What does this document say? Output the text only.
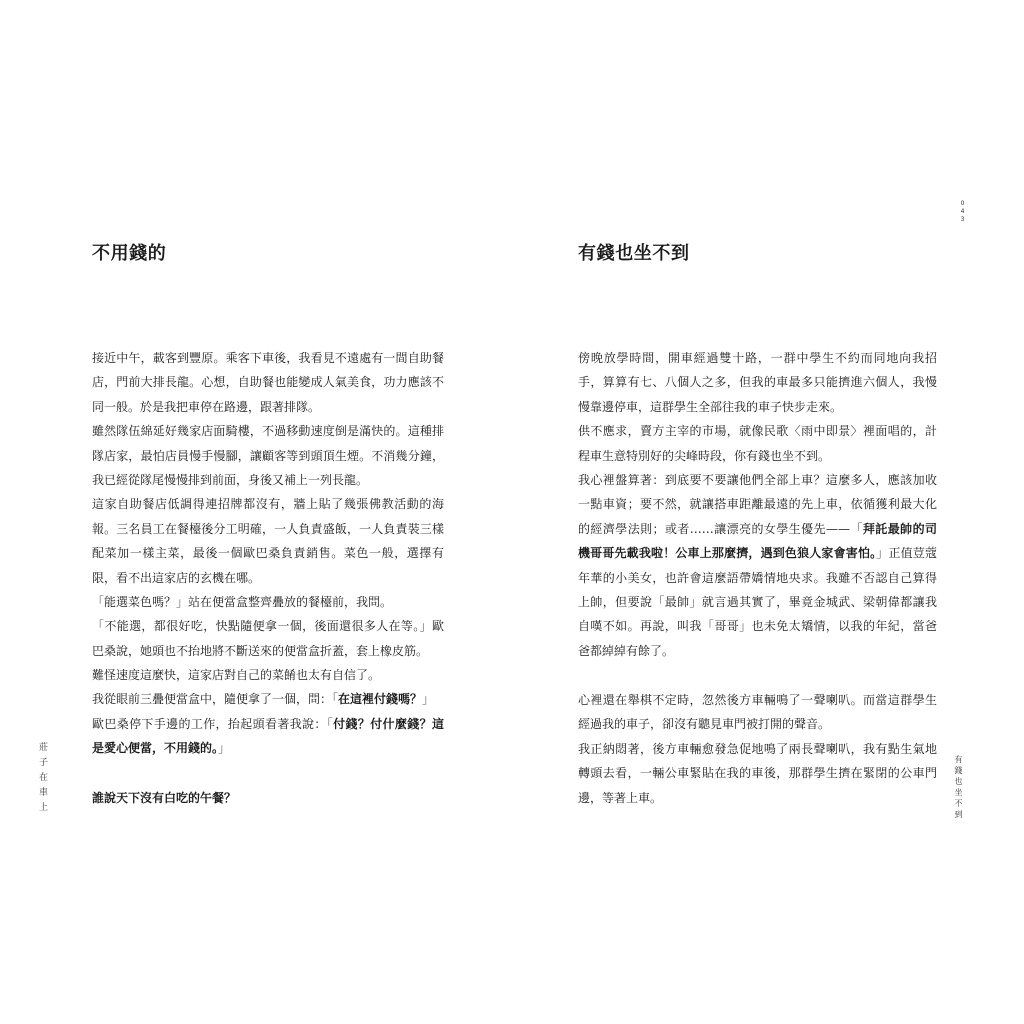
043
不用錢的	有錢也坐不到
接近中午，載客到豐原。乘客下車後，我看見不遠處有一間自助餐
店，門前大排長龍。心想，自助餐也能變成人氣美食，功力應該不
同一般。於是我把車停在路邊，跟著排隊。
雖然隊伍綿延好幾家店面騎樓，不過移動速度倒是滿快的。這種排
隊店家，最怕店員慢手慢腳，讓顧客等到頭頂生煙。不消幾分鐘，
我已經從隊尾慢慢排到前面，身後又補上一列長龍。
這家自助餐店低調得連招牌都沒有，牆上貼了幾張佛教活動的海
報。三名員工在餐檯後分工明確，一人負責盛飯，一人負責裝三樣
配菜加一樣主菜，最後一個歐巴桑負責銷售。菜色一般，選擇有
限，看不出這家店的玄機在哪。
「能選菜色嗎？」站在便當盒整齊疊放的餐檯前，我問。
「不能選，都很好吃，快點隨便拿一個，後面還很多人在等。」歐
巴桑說，她頭也不抬地將不斷送來的便當盒折蓋，套上橡皮筋。
難怪速度這麼快，這家店對自己的菜餚也太有自信了。
我從眼前三疊便當盒中，隨便拿了一個，問：「在這裡付錢嗎？」
歐巴桑停下手邊的工作，抬起頭看著我說：「付錢？付什麼錢？這
是愛心便當，不用錢的。」
誰說天下沒有白吃的午餐？
傍晚放學時間，開車經過雙十路，一群中學生不約而同地向我招
手，算算有七、八個人之多，但我的車最多只能擠進六個人，我慢
慢靠邊停車，這群學生全部往我的車子快步走來。
供不應求，賣方主宰的市場，就像民歌〈雨中即景〉裡面唱的，計
程車生意特別好的尖峰時段，你有錢也坐不到。
我心裡盤算著：到底要不要讓他們全部上車？這麼多人，應該加收
一點車資；要不然，就讓搭車距離最遠的先上車，依循獲利最大化
的經濟學法則；或者……讓漂亮的女學生優先——「拜託最帥的司
機哥哥先載我啦！公車上那麼擠，遇到色狼人家會害怕。」正值荳蔻
年華的小美女，也許會這麼語帶嬌情地央求。我雖不否認自己算得
上帥，但要說「最帥」就言過其實了，畢竟金城武、梁朝偉都讓我
自嘆不如。再說，叫我「哥哥」也未免太矯情，以我的年紀，當爸
爸都綽綽有餘了。
心裡還在舉棋不定時，忽然後方車輛鳴了一聲喇叭。而當這群學生
經過我的車子，卻沒有聽見車門被打開的聲音。
我正納悶著，後方車輛愈發急促地鳴了兩長聲喇叭，我有點生氣地
轉頭去看，一輛公車緊貼在我的車後，那群學生擠在緊閉的公車門
邊，等著上車。
莊子在車上	有錢也坐不到
